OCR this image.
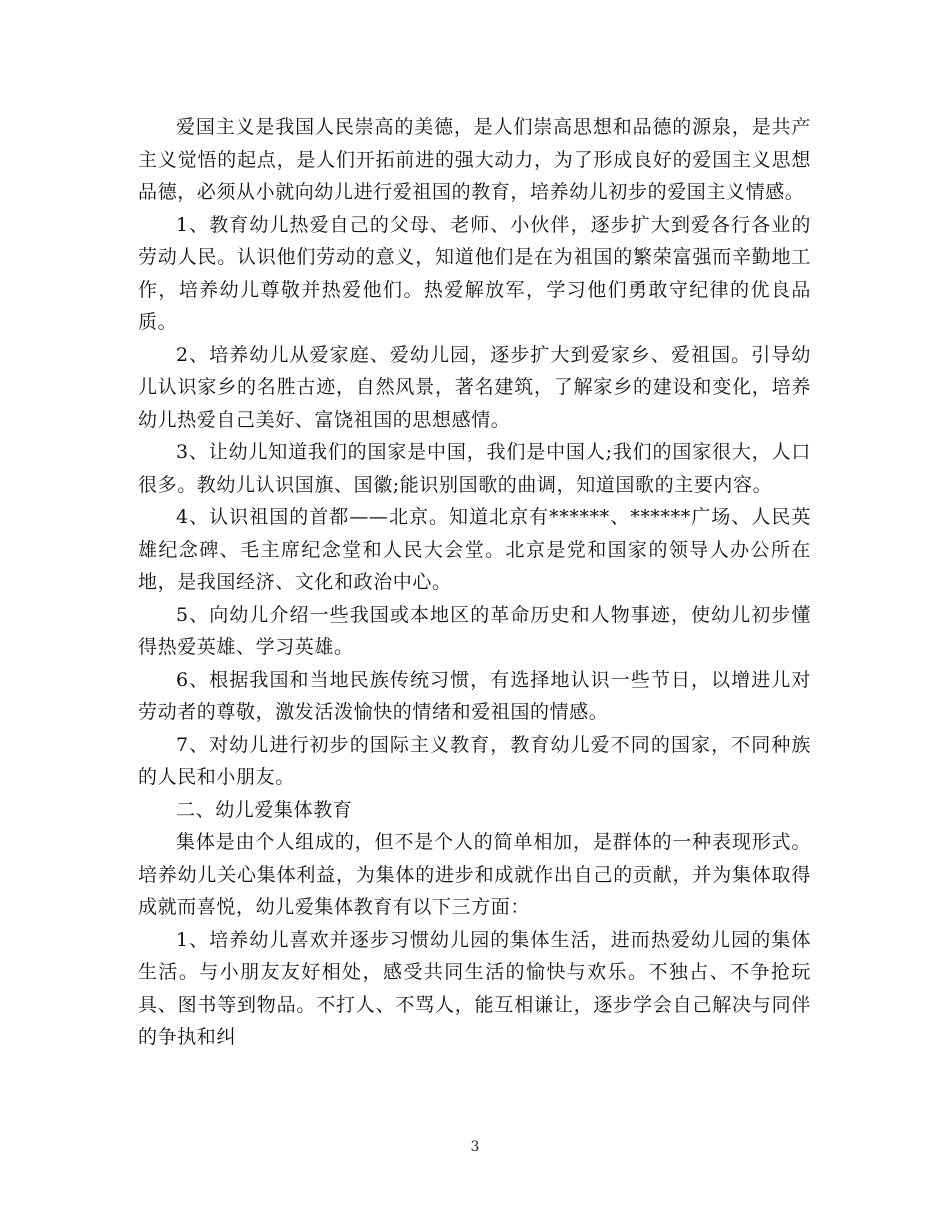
爱国主义是我国人民崇高的美德，是人们崇高思想和品德的源泉，是共产主义觉悟的起点，是人们开拓前进的强大动力，为了形成良好的爱国主义思想品德，必须从小就向幼儿进行爱祖国的教育，培养幼儿初步的爱国主义情感。

1、教育幼儿热爱自己的父母、老师、小伙伴，逐步扩大到爱各行各业的劳动人民。认识他们劳动的意义，知道他们是在为祖国的繁荣富强而辛勤地工作，培养幼儿尊敬并热爱他们。热爱解放军，学习他们勇敢守纪律的优良品质。

2、培养幼儿从爱家庭、爱幼儿园，逐步扩大到爱家乡、爱祖国。引导幼儿认识家乡的名胜古迹，自然风景，著名建筑，了解家乡的建设和变化，培养幼儿热爱自己美好、富饶祖国的思想感情。

3、让幼儿知道我们的国家是中国，我们是中国人;我们的国家很大，人口很多。教幼儿认识国旗、国徽;能识别国歌的曲调，知道国歌的主要内容。

4、认识祖国的首都——北京。知道北京有******、******广场、人民英雄纪念碑、毛主席纪念堂和人民大会堂。北京是党和国家的领导人办公所在地，是我国经济、文化和政治中心。

5、向幼儿介绍一些我国或本地区的革命历史和人物事迹，使幼儿初步懂得热爱英雄、学习英雄。

6、根据我国和当地民族传统习惯，有选择地认识一些节日，以增进儿对劳动者的尊敬，激发活泼愉快的情绪和爱祖国的情感。

7、对幼儿进行初步的国际主义教育，教育幼儿爱不同的国家，不同种族的人民和小朋友。

二、幼儿爱集体教育

集体是由个人组成的，但不是个人的简单相加，是群体的一种表现形式。培养幼儿关心集体利益，为集体的进步和成就作出自己的贡献，并为集体取得成就而喜悦，幼儿爱集体教育有以下三方面：

1、培养幼儿喜欢并逐步习惯幼儿园的集体生活，进而热爱幼儿园的集体生活。与小朋友友好相处，感受共同生活的愉快与欢乐。不独占、不争抢玩具、图书等到物品。不打人、不骂人，能互相谦让，逐步学会自己解决与同伴的争执和纠

3
